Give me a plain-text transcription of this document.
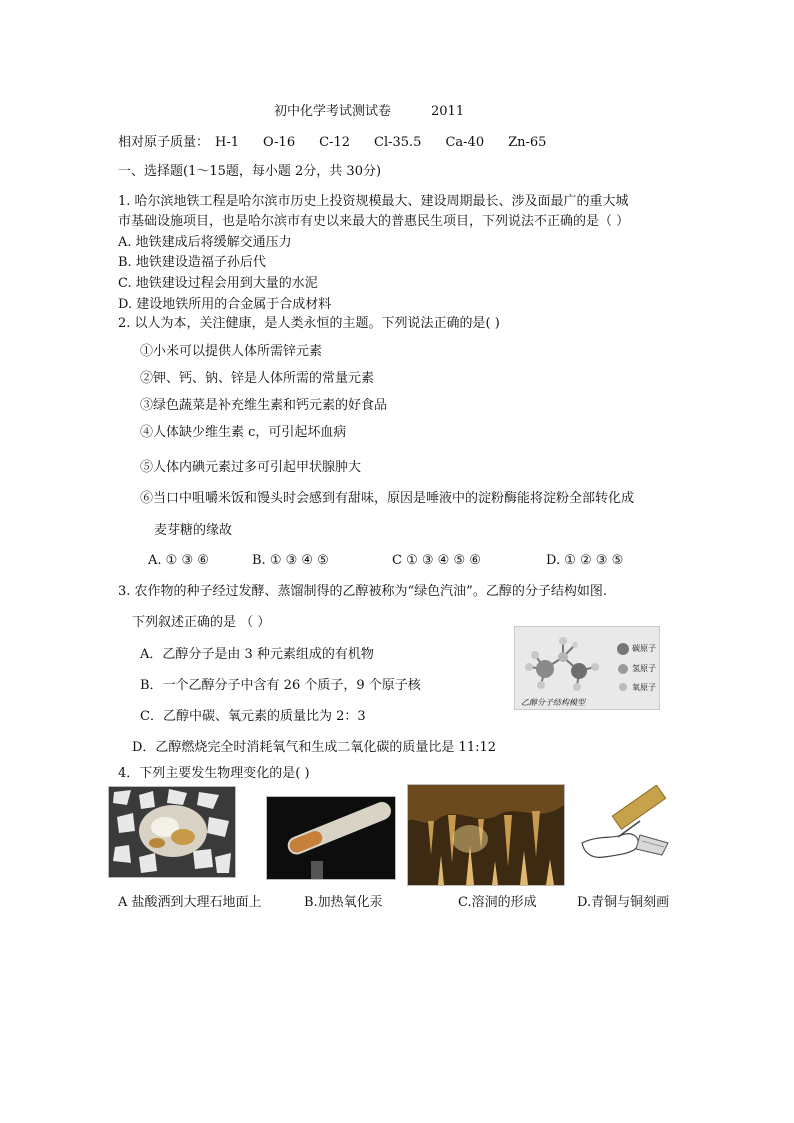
初中化学考试测试卷	2011
相对原子质量： H-1 O-16 C-12 Cl-35.5 Ca-40 Zn-65
一、选择题(1～15题，每小题 2分，共 30分)
1. 哈尔滨地铁工程是哈尔滨市历史上投资规模最大、建设周期最长、涉及面最广的重大城
市基础设施项目，也是哈尔滨市有史以来最大的普惠民生项目，下列说法不正确的是（ ）
A. 地铁建成后将缓解交通压力
B. 地铁建设造福子孙后代
C. 地铁建设过程会用到大量的水泥
D. 建设地铁所用的合金属于合成材料
2. 以人为本，关注健康，是人类永恒的主题。下列说法正确的是( )
①小米可以提供人体所需锌元素
②钾、钙、钠、锌是人体所需的常量元素
③绿色蔬菜是补充维生素和钙元素的好食品
④人体缺少维生素 c，可引起坏血病
⑤人体内碘元素过多可引起甲状腺肿大
⑥当口中咀嚼米饭和馒头时会感到有甜味，原因是唾液中的淀粉酶能将淀粉全部转化成
麦芽糖的缘故
A. ① ③ ⑥	B. ① ③ ④ ⑤	C ① ③ ④ ⑤ ⑥	D. ① ② ③ ⑤
3. 农作物的种子经过发酵、蒸馏制得的乙醇被称为“绿色汽油”。乙醇的分子结构如图.
下列叙述正确的是 （ ）
A．乙醇分子是由 3 种元素组成的有机物
B．一个乙醇分子中含有 26 个质子，9 个原子核
C．乙醇中碳、氧元素的质量比为 2：3
D．乙醇燃烧完全时消耗氧气和生成二氧化碳的质量比是 11:12
碳原子
氢原子
氧原子
乙醇分子结构模型
4．下列主要发生物理变化的是( )
A 盐酸洒到大理石地面上	B.加热氧化汞	C.溶洞的形成	D.青铜与铜刻画
